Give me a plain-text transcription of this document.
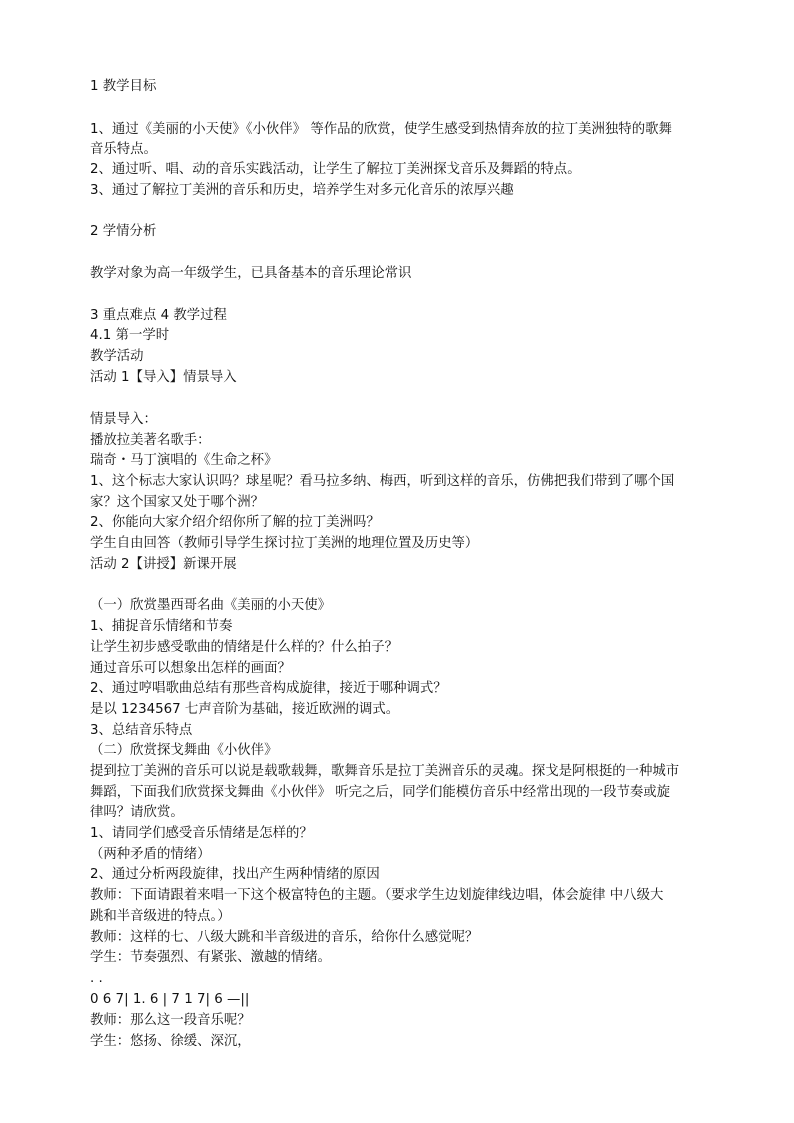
1 教学目标
1、通过《美丽的小天使》《小伙伴》 等作品的欣赏，使学生感受到热情奔放的拉丁美洲独特的歌舞
音乐特点。
2、通过听、唱、动的音乐实践活动，让学生了解拉丁美洲探戈音乐及舞蹈的特点。
3、通过了解拉丁美洲的音乐和历史，培养学生对多元化音乐的浓厚兴趣
2 学情分析
教学对象为高一年级学生，已具备基本的音乐理论常识
3 重点难点 4 教学过程
4.1 第一学时
教学活动
活动 1【导入】情景导入
情景导入：
播放拉美著名歌手：
瑞奇・马丁演唱的《生命之杯》
1、这个标志大家认识吗？球星呢？看马拉多纳、梅西，听到这样的音乐，仿佛把我们带到了哪个国
家？这个国家又处于哪个洲？
2、你能向大家介绍介绍你所了解的拉丁美洲吗？
学生自由回答（教师引导学生探讨拉丁美洲的地理位置及历史等）
活动 2【讲授】新课开展
（一）欣赏墨西哥名曲《美丽的小天使》
1、捕捉音乐情绪和节奏
让学生初步感受歌曲的情绪是什么样的？什么拍子？
通过音乐可以想象出怎样的画面？
2、通过哼唱歌曲总结有那些音构成旋律，接近于哪种调式？
是以 1234567 七声音阶为基础，接近欧洲的调式。
3、总结音乐特点
（二）欣赏探戈舞曲《小伙伴》
提到拉丁美洲的音乐可以说是载歌载舞，歌舞音乐是拉丁美洲音乐的灵魂。探戈是阿根挺的一种城市
舞蹈，下面我们欣赏探戈舞曲《小伙伴》 听完之后，同学们能模仿音乐中经常出现的一段节奏或旋
律吗？请欣赏。
1、请同学们感受音乐情绪是怎样的？
（两种矛盾的情绪）
2、通过分析两段旋律，找出产生两种情绪的原因
教师：下面请跟着来唱一下这个极富特色的主题。（要求学生边划旋律线边唱，体会旋律 中八级大
跳和半音级进的特点。）
教师：这样的七、八级大跳和半音级进的音乐，给你什么感觉呢？
学生：节奏强烈、有紧张、激越的情绪。
. .
0 6 7| 1. 6 | 7 1 7| 6 —||
教师：那么这一段音乐呢？
学生：悠扬、徐缓、深沉，
